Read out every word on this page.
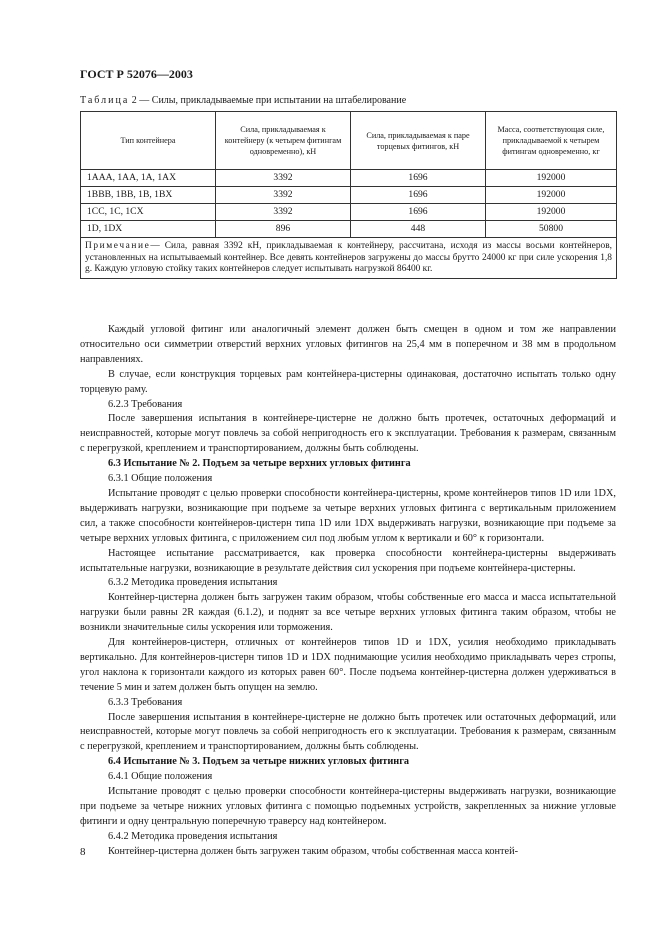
ГОСТ Р 52076—2003
Таблица 2 — Силы, прикладываемые при испытании на штабелирование
Тип контейнера	Сила, прикладываемая к контейнеру (к четырем фитингам одновременно), кН	Сила, прикладываемая к паре торцевых фитингов, кН	Масса, соответствующая силе, прикладываемой к четырем фитингам одновременно, кг
1AAA, 1AA, 1A, 1AX	3392	1696	192000
1BBB, 1BB, 1B, 1BX	3392	1696	192000
1CC, 1C, 1CX	3392	1696	192000
1D, 1DX	896	448	50800
Примечание— Сила, равная 3392 кН, прикладываемая к контейнеру, рассчитана, исходя из массы восьми контейнеров, установленных на испытываемый контейнер. Все девять контейнеров загружены до массы брутто 24000 кг при силе ускорения 1,8 g. Каждую угловую стойку таких контейнеров следует испытывать нагрузкой 86400 кг.			

Каждый угловой фитинг или аналогичный элемент должен быть смещен в одном и том же направлении относительно оси симметрии отверстий верхних угловых фитингов на 25,4 мм в поперечном и 38 мм в продольном направлениях.

В случае, если конструкция торцевых рам контейнера-цистерны одинаковая, достаточно испытать только одну торцевую раму.

6.2.3 Требования

После завершения испытания в контейнере-цистерне не должно быть протечек, остаточных деформаций и неисправностей, которые могут повлечь за собой непригодность его к эксплуатации. Требования к размерам, связанным с перегрузкой, креплением и транспортированием, должны быть соблюдены.

6.3 Испытание № 2. Подъем за четыре верхних угловых фитинга

6.3.1 Общие положения

Испытание проводят с целью проверки способности контейнера-цистерны, кроме контейнеров типов 1D или 1DX, выдерживать нагрузки, возникающие при подъеме за четыре верхних угловых фитинга с вертикальным приложением сил, а также способности контейнеров-цистерн типа 1D или 1DX выдерживать нагрузки, возникающие при подъеме за четыре верхних угловых фитинга, с приложением сил под любым углом к вертикали и 60° к горизонтали.

Настоящее испытание рассматривается, как проверка способности контейнера-цистерны выдерживать испытательные нагрузки, возникающие в результате действия сил ускорения при подъеме контейнера-цистерны.

6.3.2 Методика проведения испытания

Контейнер-цистерна должен быть загружен таким образом, чтобы собственные его масса и масса испытательной нагрузки были равны 2R каждая (6.1.2), и поднят за все четыре верхних угловых фитинга таким образом, чтобы не возникли значительные силы ускорения или торможения.

Для контейнеров-цистерн, отличных от контейнеров типов 1D и 1DX, усилия необходимо прикладывать вертикально. Для контейнеров-цистерн типов 1D и 1DX поднимающие усилия необходимо прикладывать через стропы, угол наклона к горизонтали каждого из которых равен 60°. После подъема контейнер-цистерна должен удерживаться в течение 5 мин и затем должен быть опущен на землю.

6.3.3 Требования

После завершения испытания в контейнере-цистерне не должно быть протечек или остаточных деформаций, или неисправностей, которые могут повлечь за собой непригодность его к эксплуатации. Требования к размерам, связанным с перегрузкой, креплением и транспортированием, должны быть соблюдены.

6.4 Испытание № 3. Подъем за четыре нижних угловых фитинга

6.4.1 Общие положения

Испытание проводят с целью проверки способности контейнера-цистерны выдерживать нагрузки, возникающие при подъеме за четыре нижних угловых фитинга с помощью подъемных устройств, закрепленных за нижние угловые фитинги и одну центральную поперечную траверсу над контейнером.

6.4.2 Методика проведения испытания

Контейнер-цистерна должен быть загружен таким образом, чтобы собственная масса контей-

8
